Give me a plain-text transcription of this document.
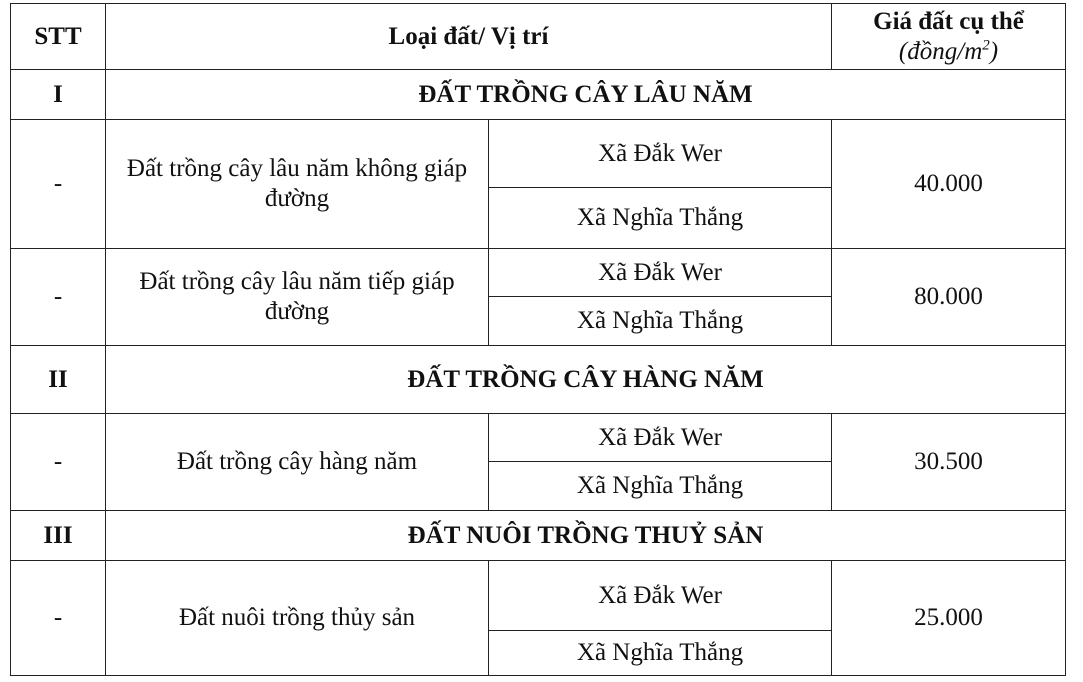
STT	Loại đất/ Vị trí		Giá đất cụ thể
$(đồng/m^2)$

I	ĐẤT TRỒNG CÂY LÂU NĂM		
-	Đất trồng cây lâu năm không giáp đường	Xã Đắk Wer	40.000
		Xã Nghĩa Thắng	
-	Đất trồng cây lâu năm tiếp giáp đường	Xã Đắk Wer	80.000
		Xã Nghĩa Thắng	
II	ĐẤT TRỒNG CÂY HÀNG NĂM		
-	Đất trồng cây hàng năm	Xã Đắk Wer	30.500
		Xã Nghĩa Thắng	
III	ĐẤT NUÔI TRỒNG THUỶ SẢN		
-	Đất nuôi trồng thủy sản	Xã Đắk Wer	25.000
		Xã Nghĩa Thắng	
